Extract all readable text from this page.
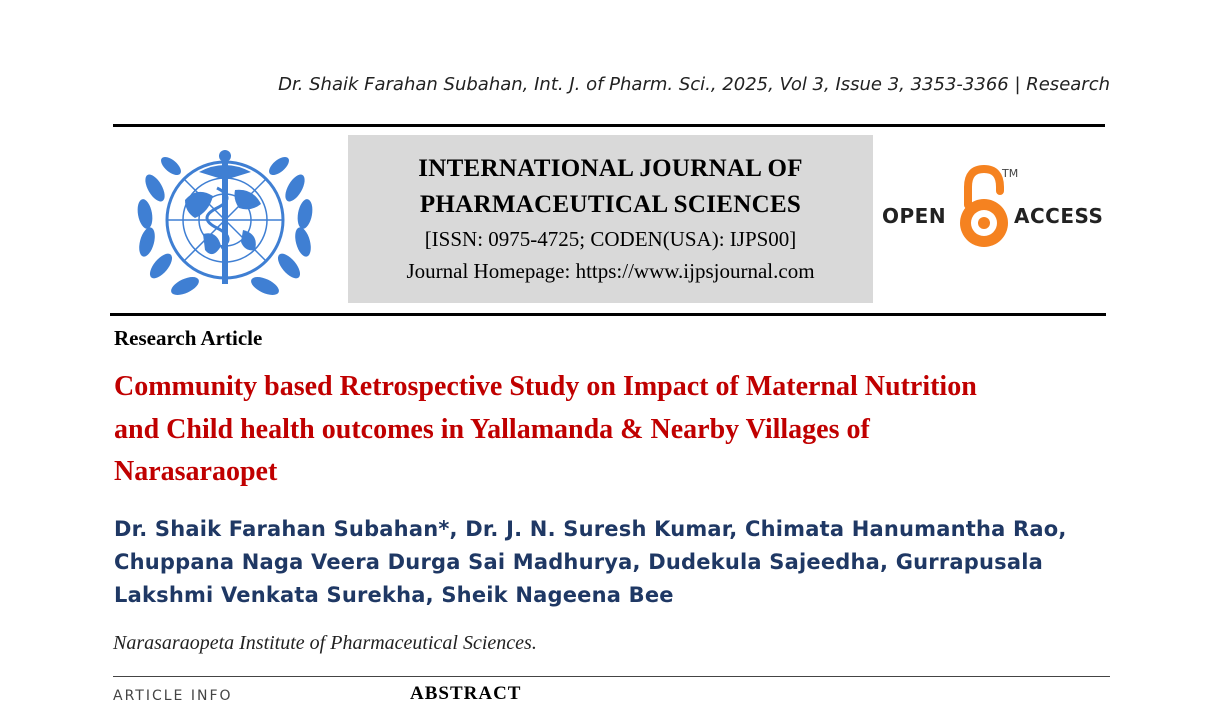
Dr. Shaik Farahan Subahan, Int. J. of Pharm. Sci., 2025, Vol 3, Issue 3, 3353-3366 | Research
INTERNATIONAL JOURNAL OF
PHARMACEUTICAL SCIENCES
[ISSN: 0975-4725; CODEN(USA): IJPS00]
Journal Homepage: https://www.ijpsjournal.com
OPEN
TM
ACCESS
Research Article
Community based Retrospective Study on Impact of Maternal Nutrition
and Child health outcomes in Yallamanda & Nearby Villages of
Narasaraopet
Dr. Shaik Farahan Subahan*, Dr. J. N. Suresh Kumar, Chimata Hanumantha Rao,
Chuppana Naga Veera Durga Sai Madhurya, Dudekula Sajeedha, Gurrapusala
Lakshmi Venkata Surekha, Sheik Nageena Bee
Narasaraopeta Institute of Pharmaceutical Sciences.
ARTICLE INFO	ABSTRACT
